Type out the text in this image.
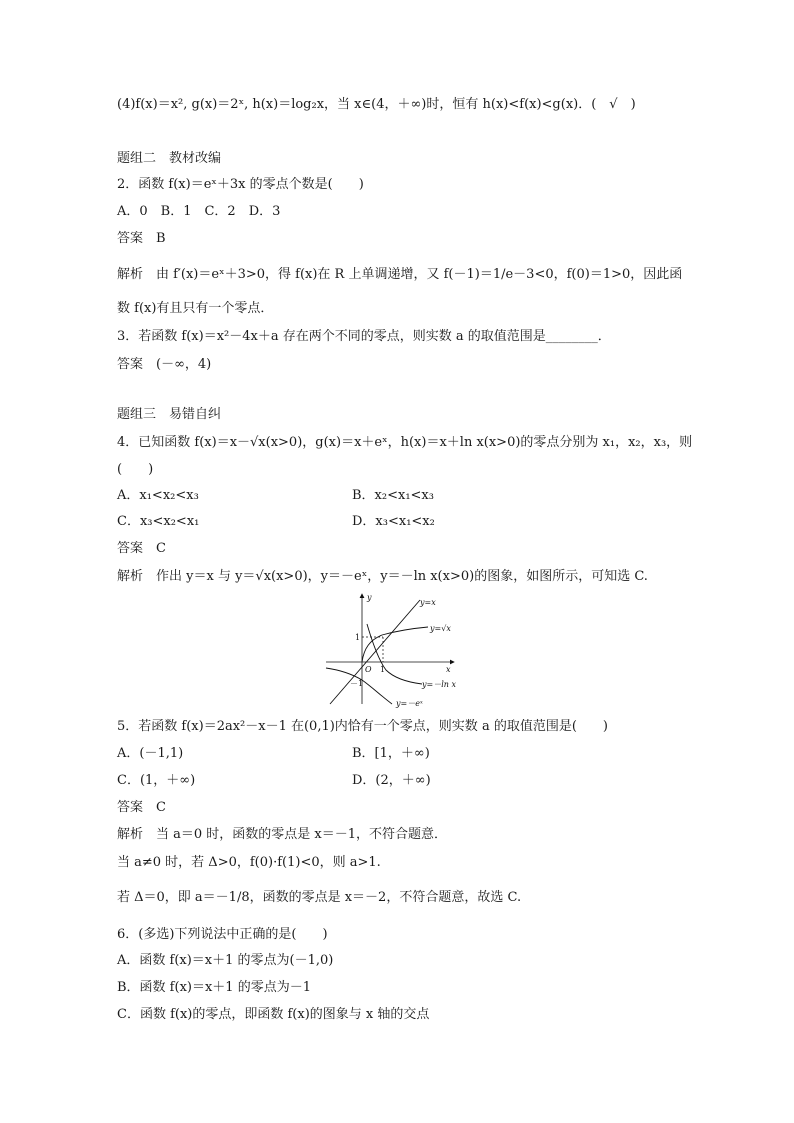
(4)f(x)＝x², g(x)＝2ˣ, h(x)＝log₂x，当 x∈(4，＋∞)时，恒有 h(x)<f(x)<g(x)．(　√　)
题组二　教材改编
2．函数 f(x)＝eˣ＋3x 的零点个数是(　　)
A．0　B．1　C．2　D．3
答案　B
解析　由 f′(x)＝eˣ＋3>0，得 f(x)在 R 上单调递增，又 f(－1)＝1/e－3<0，f(0)＝1>0，因此函
数 f(x)有且只有一个零点．
3．若函数 f(x)＝x²－4x＋a 存在两个不同的零点，则实数 a 的取值范围是________．
答案　(－∞，4)
题组三　易错自纠
4．已知函数 f(x)＝x－√x(x>0)，g(x)＝x＋eˣ，h(x)＝x＋ln x(x>0)的零点分别为 x₁，x₂，x₃，则
(　　)
A．x₁<x₂<x₃	B．x₂<x₁<x₃
C．x₃<x₂<x₁	D．x₃<x₁<x₂
答案　C
解析　作出 y＝x 与 y＝√x(x>0)，y＝－eˣ，y＝－ln x(x>0)的图象，如图所示，可知选 C.
y
x
O
1
1
－1
y=x
y=√x
y=－ln x
y=－eˣ
5．若函数 f(x)＝2ax²－x－1 在(0,1)内恰有一个零点，则实数 a 的取值范围是(　　)
A．(－1,1)	B．[1，＋∞)
C．(1，＋∞)	D．(2，＋∞)
答案　C
解析　当 a＝0 时，函数的零点是 x＝－1，不符合题意．
当 a≠0 时，若 Δ>0，f(0)·f(1)<0，则 a>1.
若 Δ＝0，即 a＝－1/8，函数的零点是 x＝－2，不符合题意，故选 C.
6．(多选)下列说法中正确的是(　　)
A．函数 f(x)＝x＋1 的零点为(－1,0)
B．函数 f(x)＝x＋1 的零点为－1
C．函数 f(x)的零点，即函数 f(x)的图象与 x 轴的交点
